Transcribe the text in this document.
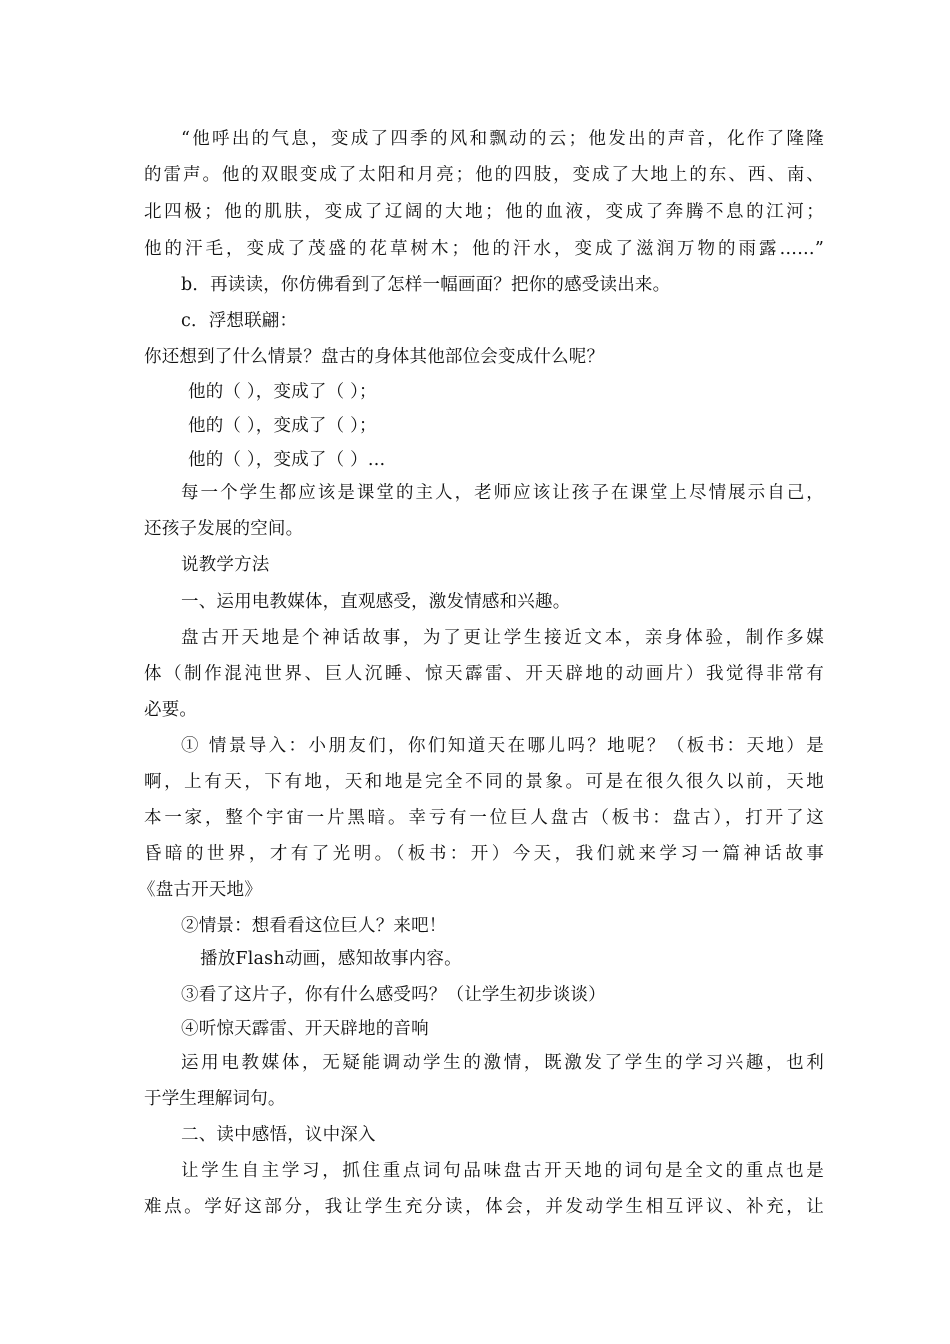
“他呼出的气息，变成了四季的风和飘动的云；他发出的声音，化作了隆隆
的雷声。他的双眼变成了太阳和月亮；他的四肢，变成了大地上的东、西、南、
北四极；他的肌肤，变成了辽阔的大地；他的血液，变成了奔腾不息的江河；
他的汗毛，变成了茂盛的花草树木；他的汗水，变成了滋润万物的雨露……”
b．再读读，你仿佛看到了怎样一幅画面？把你的感受读出来。
c．浮想联翩：
你还想到了什么情景？盘古的身体其他部位会变成什么呢？
他的（ ），变成了（ ）；
他的（ ），变成了（ ）；
他的（ ），变成了（ ）…
每一个学生都应该是课堂的主人，老师应该让孩子在课堂上尽情展示自己，
还孩子发展的空间。
说教学方法
一、运用电教媒体，直观感受，激发情感和兴趣。
盘古开天地是个神话故事，为了更让学生接近文本，亲身体验，制作多媒
体（制作混沌世界、巨人沉睡、惊天霹雷、开天辟地的动画片）我觉得非常有
必要。
① 情景导入：小朋友们，你们知道天在哪儿吗？地呢？（板书：天地）是
啊，上有天，下有地，天和地是完全不同的景象。可是在很久很久以前，天地
本一家，整个宇宙一片黑暗。幸亏有一位巨人盘古（板书：盘古），打开了这
昏暗的世界，才有了光明。（板书：开）今天，我们就来学习一篇神话故事
《盘古开天地》
②情景：想看看这位巨人？来吧！
播放Flash动画，感知故事内容。
③看了这片子，你有什么感受吗？（让学生初步谈谈）
④听惊天霹雷、开天辟地的音响
运用电教媒体，无疑能调动学生的激情，既激发了学生的学习兴趣，也利
于学生理解词句。
二、读中感悟，议中深入
让学生自主学习，抓住重点词句品味盘古开天地的词句是全文的重点也是
难点。学好这部分，我让学生充分读，体会，并发动学生相互评议、补充，让
